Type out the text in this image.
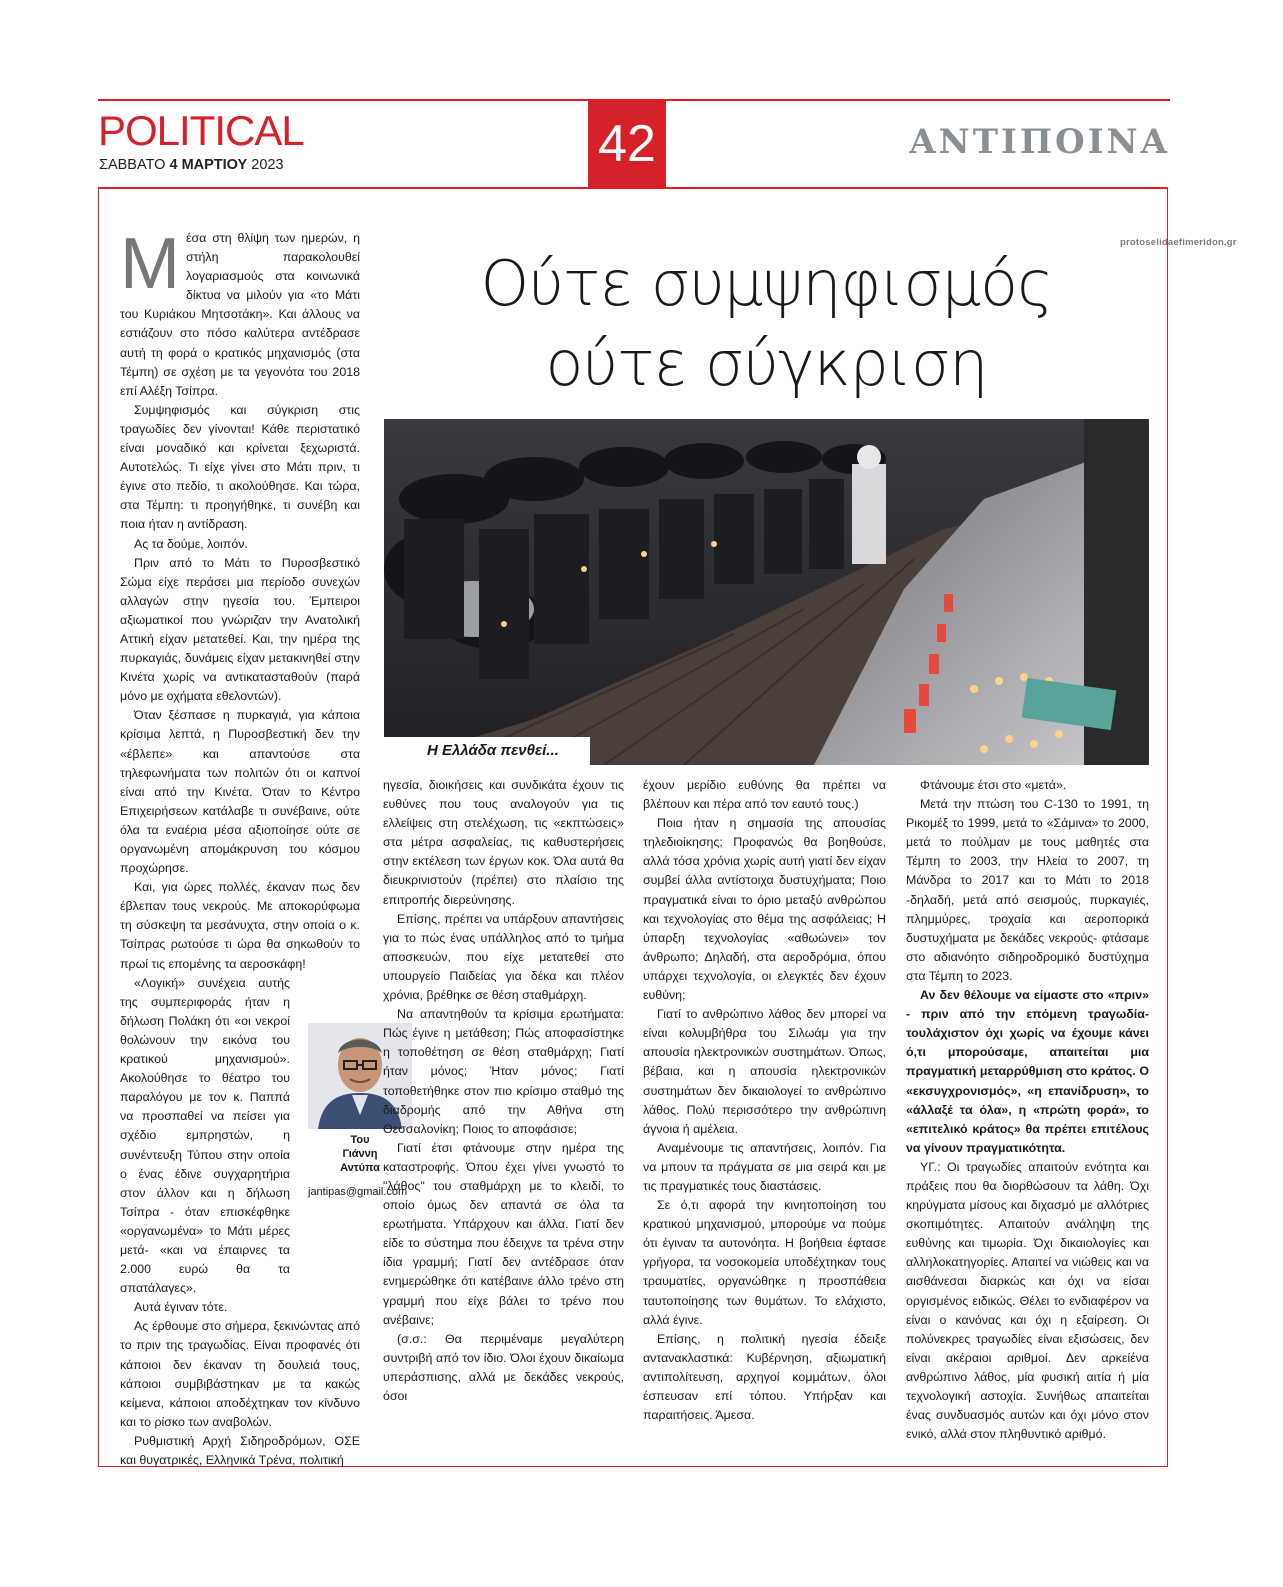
POLITICAL
ΣΑΒΒΑΤΟ 4 ΜΑΡΤΙΟΥ 2023	42	ΑΝΤΙΠΟΙΝΑ
protoselidaefimeridon.gr
Ούτε συμψηφισμός
ούτε σύγκριση
Η Ελλάδα πενθεί...

Μέσα στη θλίψη των ημερών, η στήλη παρακολουθεί λογαριασμούς στα κοινωνικά δίκτυα να μιλούν για «το Μάτι του Κυριάκου Μητσοτάκη». Και άλλους να εστιάζουν στο πόσο καλύτερα αντέδρασε αυτή τη φορά ο κρατικός μηχανισμός (στα Τέμπη) σε σχέση με τα γεγονότα του 2018 επί Αλέξη Τσίπρα.

Συμψηφισμός και σύγκριση στις τραγωδίες δεν γίνονται! Κάθε περιστατικό είναι μοναδικό και κρίνεται ξεχωριστά. Αυτοτελώς. Τι είχε γίνει στο Μάτι πριν, τι έγινε στο πεδίο, τι ακολούθησε. Και τώρα, στα Τέμπη: τι προηγήθηκε, τι συνέβη και ποια ήταν η αντίδραση.

Ας τα δούμε, λοιπόν.

Πριν από το Μάτι το Πυροσβεστικό Σώμα είχε περάσει μια περίοδο συνεχών αλλαγών στην ηγεσία του. Έμπειροι αξιωματικοί που γνώριζαν την Ανατολική Αττική είχαν μετατεθεί. Και, την ημέρα της πυρκαγιάς, δυνάμεις είχαν μετακινηθεί στην Κινέτα χωρίς να αντικατασταθούν (παρά μόνο με οχήματα εθελοντών).

Όταν ξέσπασε η πυρκαγιά, για κάποια κρίσιμα λεπτά, η Πυροσβεστική δεν την «έβλεπε» και απαντούσε στα τηλεφωνήματα των πολιτών ότι οι καπνοί είναι από την Κινέτα. Όταν το Κέντρο Επιχειρήσεων κατάλαβε τι συνέβαινε, ούτε όλα τα εναέρια μέσα αξιοποίησε ούτε σε οργανωμένη απομάκρυνση του κόσμου προχώρησε.

Και, για ώρες πολλές, έκαναν πως δεν έβλεπαν τους νεκρούς. Με αποκορύφωμα τη σύσκεψη τα μεσάνυχτα, στην οποία ο κ. Τσίπρας ρωτούσε τι ώρα θα σηκωθούν το πρωί τις επομένης τα αεροσκάφη!

«Λογική» συνέχεια αυτής της συμπεριφοράς ήταν η δήλωση Πολάκη ότι «οι νεκροί θολώνουν την εικόνα του κρατικού μηχανισμού». Ακολούθησε το θέατρο του παραλόγου με τον κ. Παππά να προσπαθεί να πείσει για σχέδιο εμπρηστών, η συνέντευξη Τύπου στην οποία ο ένας έδινε συγχαρητήρια στον άλλον και η δήλωση Τσίπρα - όταν επισκέφθηκε «οργανωμένα» το Μάτι μέρες μετά- «και να έπαιρνες τα 2.000 ευρώ θα τα σπατάλαγες».

Αυτά έγιναν τότε.

Ας έρθουμε στο σήμερα, ξεκινώντας από το πριν της τραγωδίας. Είναι προφανές ότι κάποιοι δεν έκαναν τη δουλειά τους, κάποιοι συμβιβάστηκαν με τα κακώς κείμενα, κάποιοι αποδέχτηκαν τον κίνδυνο και το ρίσκο των αναβολών.

Ρυθμιστική Αρχή Σιδηροδρόμων, ΟΣΕ και θυγατρικές, Ελληνικά Τρένα, πολιτική

Του
Γιάννη
Αντύπα
jantipas@gmail.com

ηγεσία, διοικήσεις και συνδικάτα έχουν τις ευθύνες που τους αναλογούν για τις ελλείψεις στη στελέχωση, τις «εκπτώσεις» στα μέτρα ασφαλείας, τις καθυστερήσεις στην εκτέλεση των έργων κοκ. Όλα αυτά θα διευκρινιστούν (πρέπει) στο πλαίσιο της επιτροπής διερεύνησης.

Επίσης, πρέπει να υπάρξουν απαντήσεις για το πώς ένας υπάλληλος από το τμήμα αποσκευών, που είχε μετατεθεί στο υπουργείο Παιδείας για δέκα και πλέον χρόνια, βρέθηκε σε θέση σταθμάρχη.

Να απαντηθούν τα κρίσιμα ερωτήματα: Πώς έγινε η μετάθεση; Πώς αποφασίστηκε η τοποθέτηση σε θέση σταθμάρχη; Γιατί ήταν μόνος; Ήταν μόνος; Γιατί τοποθετήθηκε στον πιο κρίσιμο σταθμό της διαδρομής από την Αθήνα στη Θεσσαλονίκη; Ποιος το αποφάσισε;

Γιατί έτσι φτάνουμε στην ημέρα της καταστροφής. Όπου έχει γίνει γνωστό το "λάθος" του σταθμάρχη με το κλειδί, το οποίο όμως δεν απαντά σε όλα τα ερωτήματα. Υπάρχουν και άλλα. Γιατί δεν είδε το σύστημα που έδειχνε τα τρένα στην ίδια γραμμή; Γιατί δεν αντέδρασε όταν ενημερώθηκε ότι κατέβαινε άλλο τρένο στη γραμμή που είχε βάλει το τρένο που ανέβαινε;

(σ.σ.: Θα περιμέναμε μεγαλύτερη συντριβή από τον ίδιο. Όλοι έχουν δικαίωμα υπεράσπισης, αλλά με δεκάδες νεκρούς, όσοι

έχουν μερίδιο ευθύνης θα πρέπει να βλέπουν και πέρα από τον εαυτό τους.)

Ποια ήταν η σημασία της απουσίας τηλεδιοίκησης; Προφανώς θα βοηθούσε, αλλά τόσα χρόνια χωρίς αυτή γιατί δεν είχαν συμβεί άλλα αντίστοιχα δυστυχήματα; Ποιο πραγματικά είναι το όριο μεταξύ ανθρώπου και τεχνολογίας στο θέμα της ασφάλειας; Η ύπαρξη τεχνολογίας «αθωώνει» τον άνθρωπο; Δηλαδή, στα αεροδρόμια, όπου υπάρχει τεχνολογία, οι ελεγκτές δεν έχουν ευθύνη;

Γιατί το ανθρώπινο λάθος δεν μπορεί να είναι κολυμβήθρα του Σιλωάμ για την απουσία ηλεκτρονικών συστημάτων. Όπως, βέβαια, και η απουσία ηλεκτρονικών συστημάτων δεν δικαιολογεί το ανθρώπινο λάθος. Πολύ περισσότερο την ανθρώπινη άγνοια ή αμέλεια.

Αναμένουμε τις απαντήσεις, λοιπόν. Για να μπουν τα πράγματα σε μια σειρά και με τις πραγματικές τους διαστάσεις.

Σε ό,τι αφορά την κινητοποίηση του κρατικού μηχανισμού, μπορούμε να πούμε ότι έγιναν τα αυτονόητα. Η βοήθεια έφτασε γρήγορα, τα νοσοκομεία υποδέχτηκαν τους τραυματίες, οργανώθηκε η προσπάθεια ταυτοποίησης των θυμάτων. Το ελάχιστο, αλλά έγινε.

Επίσης, η πολιτική ηγεσία έδειξε αντανακλαστικά: Κυβέρνηση, αξιωματική αντιπολίτευση, αρχηγοί κομμάτων, όλοι έσπευσαν επί τόπου. Υπήρξαν και παραιτήσεις. Άμεσα.

Φτάνουμε έτσι στο «μετά».

Μετά την πτώση του C-130 το 1991, τη Ρικομέξ το 1999, μετά το «Σάμινα» το 2000, μετά το πούλμαν με τους μαθητές στα Τέμπη το 2003, την Ηλεία το 2007, τη Μάνδρα το 2017 και το Μάτι το 2018 -δηλαδή, μετά από σεισμούς, πυρκαγιές, πλημμύρες, τροχαία και αεροπορικά δυστυχήματα με δεκάδες νεκρούς- φτάσαμε στο αδιανόητο σιδηροδρομικό δυστύχημα στα Τέμπη το 2023.

Αν δεν θέλουμε να είμαστε στο «πριν» - πριν από την επόμενη τραγωδία- τουλάχιστον όχι χωρίς να έχουμε κάνει ό,τι μπορούσαμε, απαιτείται μια πραγματική μεταρρύθμιση στο κράτος. Ο «εκσυγχρονισμός», «η επανίδρυση», το «άλλαξέ τα όλα», η «πρώτη φορά», το «επιτελικό κράτος» θα πρέπει επιτέλους να γίνουν πραγματικότητα.

ΥΓ.: Οι τραγωδίες απαιτούν ενότητα και πράξεις που θα διορθώσουν τα λάθη. Όχι κηρύγματα μίσους και διχασμό με αλλότριες σκοπιμότητες. Απαιτούν ανάληψη της ευθύνης και τιμωρία. Όχι δικαιολογίες και αλληλοκατηγορίες. Απαιτεί να νιώθεις και να αισθάνεσαι διαρκώς και όχι να είσαι οργισμένος ειδικώς. Θέλει το ενδιαφέρον να είναι ο κανόνας και όχι η εξαίρεση. Οι πολύνεκρες τραγωδίες είναι εξισώσεις, δεν είναι ακέραιοι αριθμοί. Δεν αρκείένα ανθρώπινο λάθος, μία φυσική αιτία ή μία τεχνολογική αστοχία. Συνήθως απαιτείται ένας συνδυασμός αυτών και όχι μόνο στον ενικό, αλλά στον πληθυντικό αριθμό.
